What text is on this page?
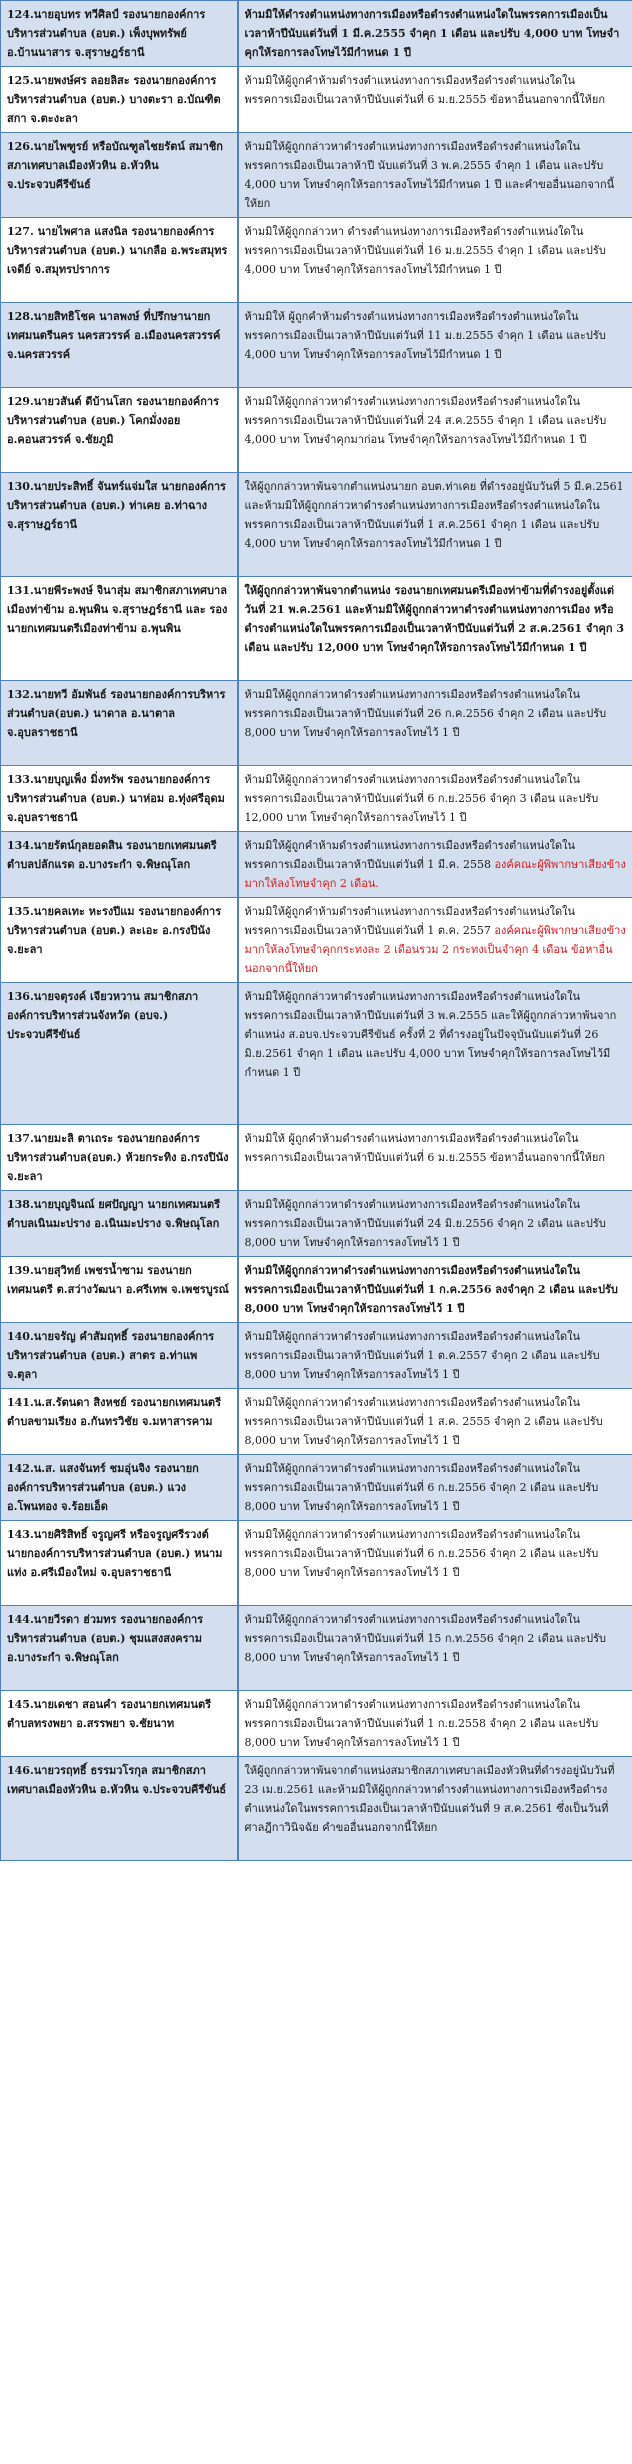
124.นายอุบทร ทวีศิลป์ รองนายกองค์การบริหารส่วนตำบล (อบต.) เพ็งบุพทรัพย์ อ.บ้านนาสาร จ.สุราษฎร์ธานี	ห้ามมิให้ดำรงตำแหน่งทางการเมืองหรือดำรงตำแหน่งใดในพรรคการเมืองเป็นเวลาห้าปีนับแต่วันที่ 1 มี.ค.2555 จำคุก 1 เดือน และปรับ 4,000 บาท โทษจำคุกให้รอการลงโทษไว้มีกำหนด 1 ปี
125.นายพงษ์ศร ลอยลิสะ รองนายกองค์การบริหารส่วนตำบล (อบต.) บางตะรา อ.บัณฑิตสกา จ.ตะงะลา	ห้ามมิให้ผู้ถูกคำห้ามดำรงตำแหน่งทางการเมืองหรือดำรงตำแหน่งใดในพรรคการเมืองเป็นเวลาห้าปีนับแต่วันที่ 6 ม.ย.2555 ข้อหาอื่นนอกจากนี้ให้ยก
126.นายไพฑูรย์ หรือบัณฑูลไชยรัตน์ สมาชิกสภาเทศบาลเมืองหัวหิน อ.หัวหิน จ.ประจวบคีรีขันธ์	ห้ามมิให้ผู้ถูกกล่าวหาดำรงตำแหน่งทางการเมืองหรือดำรงตำแหน่งใดในพรรคการเมืองเป็นเวลาห้าปี นับแต่วันที่ 3 พ.ค.2555 จำคุก 1 เดือน และปรับ 4,000 บาท โทษจำคุกให้รอการลงโทษไว้มีกำหนด 1 ปี และคำขออื่นนอกจากนี้ให้ยก
127. นายไพศาล แสงนิล รองนายกองค์การบริหารส่วนตำบล (อบต.) นาเกลือ อ.พระสมุทรเจดีย์ จ.สมุทรปราการ	ห้ามมิให้ผู้ถูกกล่าวหา ดำรงตำแหน่งทางการเมืองหรือดำรงตำแหน่งใดในพรรคการเมืองเป็นเวลาห้าปีนับแต่วันที่ 16 ม.ย.2555 จำคุก 1 เดือน และปรับ 4,000 บาท โทษจำคุกให้รอการลงโทษไว้มีกำหนด 1 ปี
128.นายสิทธิโชค นาลพงษ์ ที่ปรึกษานายกเทศมนตรีนคร นครสวรรค์ อ.เมืองนครสวรรค์ จ.นครสวรรค์	ห้ามมิให้ ผู้ถูกคำห้ามดำรงตำแหน่งทางการเมืองหรือดำรงตำแหน่งใดในพรรคการเมืองเป็นเวลาห้าปีนับแต่วันที่ 11 ม.ย.2555 จำคุก 1 เดือน และปรับ 4,000 บาท โทษจำคุกให้รอการลงโทษไว้มีกำหนด 1 ปี
129.นายวสันต์ ดีบ้านโสก รองนายกองค์การบริหารส่วนตำบล (อบต.) โคกมั่งงอย อ.คอนสวรรค์ จ.ชัยภูมิ	ห้ามมิให้ผู้ถูกกล่าวหาดำรงตำแหน่งทางการเมืองหรือดำรงตำแหน่งใดในพรรคการเมืองเป็นเวลาห้าปีนับแต่วันที่ 24 ส.ค.2555 จำคุก 1 เดือน และปรับ 4,000 บาท โทษจำคุกมาก่อน โทษจำคุกให้รอการลงโทษไว้มีกำหนด 1 ปี
130.นายประสิทธิ์ จันทร์แจ่มใส นายกองค์การบริหารส่วนตำบล (อบต.) ท่าเคย อ.ท่าฉาง จ.สุราษฎร์ธานี	ให้ผู้ถูกกล่าวหาพ้นจากตำแหน่งนายก อบต.ท่าเคย ที่ดำรงอยู่นับวันที่ 5 มี.ค.2561 และห้ามมิให้ผู้ถูกกล่าวหาดำรงตำแหน่งทางการเมืองหรือดำรงตำแหน่งใดในพรรคการเมืองเป็นเวลาห้าปีนับแต่วันที่ 1 ส.ค.2561 จำคุก 1 เดือน และปรับ 4,000 บาท โทษจำคุกให้รอการลงโทษไว้มีกำหนด 1 ปี
131.นายพีระพงษ์ จินาสุ่ม สมาชิกสภาเทศบาลเมืองท่าข้าม อ.พุนพิน จ.สุราษฎร์ธานี และ รองนายกเทศมนตรีเมืองท่าข้าม อ.พุนพิน	ให้ผู้ถูกกล่าวหาพ้นจากตำแหน่ง รองนายกเทศมนตรีเมืองท่าข้ามที่ดำรงอยู่ตั้งแต่วันที่ 21 พ.ค.2561 และห้ามมิให้ผู้ถูกกล่าวหาดำรงตำแหน่งทางการเมือง หรือดำรงตำแหน่งใดในพรรคการเมืองเป็นเวลาห้าปีนับแต่วันที่ 2 ส.ค.2561 จำคุก 3 เดือน และปรับ 12,000 บาท โทษจำคุกให้รอการลงโทษไว้มีกำหนด 1 ปี
132.นายทวี อัมพันธ์ รองนายกองค์การบริหารส่วนตำบล(อบต.) นาดาล อ.นาตาล จ.อุบลราชธานี	ห้ามมิให้ผู้ถูกกล่าวหาดำรงตำแหน่งทางการเมืองหรือดำรงตำแหน่งใดในพรรคการเมืองเป็นเวลาห้าปีนับแต่วันที่ 26 ก.ค.2556 จำคุก 2 เดือน และปรับ 8,000 บาท โทษจำคุกให้รอการลงโทษไว้ 1 ปี
133.นายบุญเพ็ง มิ่งทรัพ รองนายกองค์การบริหารส่วนตำบล (อบต.) นาห่อม อ.ทุ่งศรีอุดม จ.อุบลราชธานี	ห้ามมิให้ผู้ถูกกล่าวหาดำรงตำแหน่งทางการเมืองหรือดำรงตำแหน่งใดในพรรคการเมืองเป็นเวลาห้าปีนับแต่วันที่ 6 ก.ย.2556 จำคุก 3 เดือน และปรับ 12,000 บาท โทษจำคุกให้รอการลงโทษไว้ 1 ปี
134.นายรัตน์กุลยอดสิน รองนายกเทศมนตรีตำบลปลักแรด อ.บางระกำ จ.พิษณุโลก	ห้ามมิให้ผู้ถูกคำห้ามดำรงตำแหน่งทางการเมืองหรือดำรงตำแหน่งใดในพรรคการเมืองเป็นเวลาห้าปีนับแต่วันที่ 1 มี.ค. 2558 องค์คณะผู้พิพากษาเสียงข้างมากให้ลงโทษจำคุก 2 เดือน.
135.นายคลเทะ หะรงปีแม รองนายกองค์การบริหารส่วนตำบล (อบต.) ละเอะ อ.กรงปินัง จ.ยะลา	ห้ามมิให้ผู้ถูกคำห้ามดำรงตำแหน่งทางการเมืองหรือดำรงตำแหน่งใดในพรรคการเมืองเป็นเวลาห้าปีนับแต่วันที่ 1 ต.ค. 2557 องค์คณะผู้พิพากษาเสียงข้างมากให้ลงโทษจำคุกกระทงละ 2 เดือนรวม 2 กระทงเป็นจำคุก 4 เดือน ข้อหาอื่นนอกจากนี้ให้ยก
136.นายจตุรงค์ เจียวหวาน สมาชิกสภาองค์การบริหารส่วนจังหวัด (อบจ.) ประจวบคีรีขันธ์	ห้ามมิให้ผู้ถูกกล่าวหาดำรงตำแหน่งทางการเมืองหรือดำรงตำแหน่งใดในพรรคการเมืองเป็นเวลาห้าปีนับแต่วันที่ 3 พ.ค.2555 และให้ผู้ถูกกล่าวหาพ้นจากตำแหน่ง ส.อบจ.ประจวบคีรีขันธ์ ครั้งที่ 2 ที่ดำรงอยู่ในปัจจุบันนับแต่วันที่ 26 มิ.ย.2561 จำคุก 1 เดือน และปรับ 4,000 บาท โทษจำคุกให้รอการลงโทษไว้มีกำหนด 1 ปี
137.นายมะลิ ตาเถระ รองนายกองค์การบริหารส่วนตำบล(อบต.) ห้วยกระทิง อ.กรงปินัง จ.ยะลา	ห้ามมิให้ ผู้ถูกคำห้ามดำรงตำแหน่งทางการเมืองหรือดำรงตำแหน่งใดในพรรคการเมืองเป็นเวลาห้าปีนับแต่วันที่ 6 ม.ย.2555 ข้อหาอื่นนอกจากนี้ให้ยก
138.นายบุญจินณ์ ยศปัญญา นายกเทศมนตรีตำบลเนินมะปราง อ.เนินมะปราง จ.พิษณุโลก	ห้ามมิให้ผู้ถูกกล่าวหาดำรงตำแหน่งทางการเมืองหรือดำรงตำแหน่งใดในพรรคการเมืองเป็นเวลาห้าปีนับแต่วันที่ 24 มิ.ย.2556 จำคุก 2 เดือน และปรับ 8,000 บาท โทษจำคุกให้รอการลงโทษไว้ 1 ปี
139.นายสุวิทย์ เพชรน้ำซาม รองนายกเทศมนตรี ต.สว่างวัฒนา อ.ศรีเทพ จ.เพชรบูรณ์	ห้ามมิให้ผู้ถูกกล่าวหาดำรงตำแหน่งทางการเมืองหรือดำรงตำแหน่งใดในพรรคการเมืองเป็นเวลาห้าปีนับแต่วันที่ 1 ก.ค.2556 ลงจำคุก 2 เดือน และปรับ 8,000 บาท โทษจำคุกให้รอการลงโทษไว้ 1 ปี
140.นายจรัญ คำสัมฤทธิ์ รองนายกองค์การบริหารส่วนตำบล (อบต.) สาตร อ.ท่าแพ จ.ตุลา	ห้ามมิให้ผู้ถูกกล่าวหาดำรงตำแหน่งทางการเมืองหรือดำรงตำแหน่งใดในพรรคการเมืองเป็นเวลาห้าปีนับแต่วันที่ 1 ต.ค.2557 จำคุก 2 เดือน และปรับ 8,000 บาท โทษจำคุกให้รอการลงโทษไว้ 1 ปี
141.น.ส.รัตนดา สิงหชย์ รองนายกเทศมนตรีตำบลขามเรียง อ.กันทรวิชัย จ.มหาสารคาม	ห้ามมิให้ผู้ถูกกล่าวหาดำรงตำแหน่งทางการเมืองหรือดำรงตำแหน่งใดในพรรคการเมืองเป็นเวลาห้าปีนับแต่วันที่ 1 ส.ค. 2555 จำคุก 2 เดือน และปรับ 8,000 บาท โทษจำคุกให้รอการลงโทษไว้ 1 ปี
142.น.ส. แสงจันทร์ ชมอุ่นจิง รองนายกองค์การบริหารส่วนตำบล (อบต.) แวง อ.โพนทอง จ.ร้อยเอ็ด	ห้ามมิให้ผู้ถูกกล่าวหาดำรงตำแหน่งทางการเมืองหรือดำรงตำแหน่งใดในพรรคการเมืองเป็นเวลาห้าปีนับแต่วันที่ 6 ก.ย.2556 จำคุก 2 เดือน และปรับ 8,000 บาท โทษจำคุกให้รอการลงโทษไว้ 1 ปี
143.นายศิริสิทธิ์ จรูญศรี หรือจรูญศรีรวงต์ นายกองค์การบริหารส่วนตำบล (อบต.) หนามแท่ง อ.ศรีเมืองใหม่ จ.อุบลราชธานี	ห้ามมิให้ผู้ถูกกล่าวหาดำรงตำแหน่งทางการเมืองหรือดำรงตำแหน่งใดในพรรคการเมืองเป็นเวลาห้าปีนับแต่วันที่ 6 ก.ย.2556 จำคุก 2 เดือน และปรับ 8,000 บาท โทษจำคุกให้รอการลงโทษไว้ 1 ปี
144.นายวีรดา ฮ่วมทร รองนายกองค์การบริหารส่วนตำบล (อบต.) ชุมแสงสงคราม อ.บางระกำ จ.พิษณุโลก	ห้ามมิให้ผู้ถูกกล่าวหาดำรงตำแหน่งทางการเมืองหรือดำรงตำแหน่งใดในพรรคการเมืองเป็นเวลาห้าปีนับแต่วันที่ 15 ก.ท.2556 จำคุก 2 เดือน และปรับ 8,000 บาท โทษจำคุกให้รอการลงโทษไว้ 1 ปี
145.นายเดชา สอนคำ รองนายกเทศมนตรีตำบลทรงพยา อ.สรรพยา จ.ชัยนาท	ห้ามมิให้ผู้ถูกกล่าวหาดำรงตำแหน่งทางการเมืองหรือดำรงตำแหน่งใดในพรรคการเมืองเป็นเวลาห้าปีนับแต่วันที่ 1 ก.ย.2558 จำคุก 2 เดือน และปรับ 8,000 บาท โทษจำคุกให้รอการลงโทษไว้ 1 ปี
146.นายวรฤทธิ์ ธรรมวโรกุล สมาชิกสภาเทศบาลเมืองหัวหิน อ.หัวหิน จ.ประจวบคีรีขันธ์	ให้ผู้ถูกกล่าวหาพ้นจากตำแหน่งสมาชิกสภาเทศบาลเมืองหัวหินที่ดำรงอยู่นับวันที่ 23 เม.ย.2561 และห้ามมิให้ผู้ถูกกล่าวหาดำรงตำแหน่งทางการเมืองหรือดำรงตำแหน่งใดในพรรคการเมืองเป็นเวลาห้าปีนับแต่วันที่ 9 ส.ค.2561 ซึ่งเป็นวันที่ศาลฎีกาวินิจฉัย คำขออื่นนอกจากนี้ให้ยก
